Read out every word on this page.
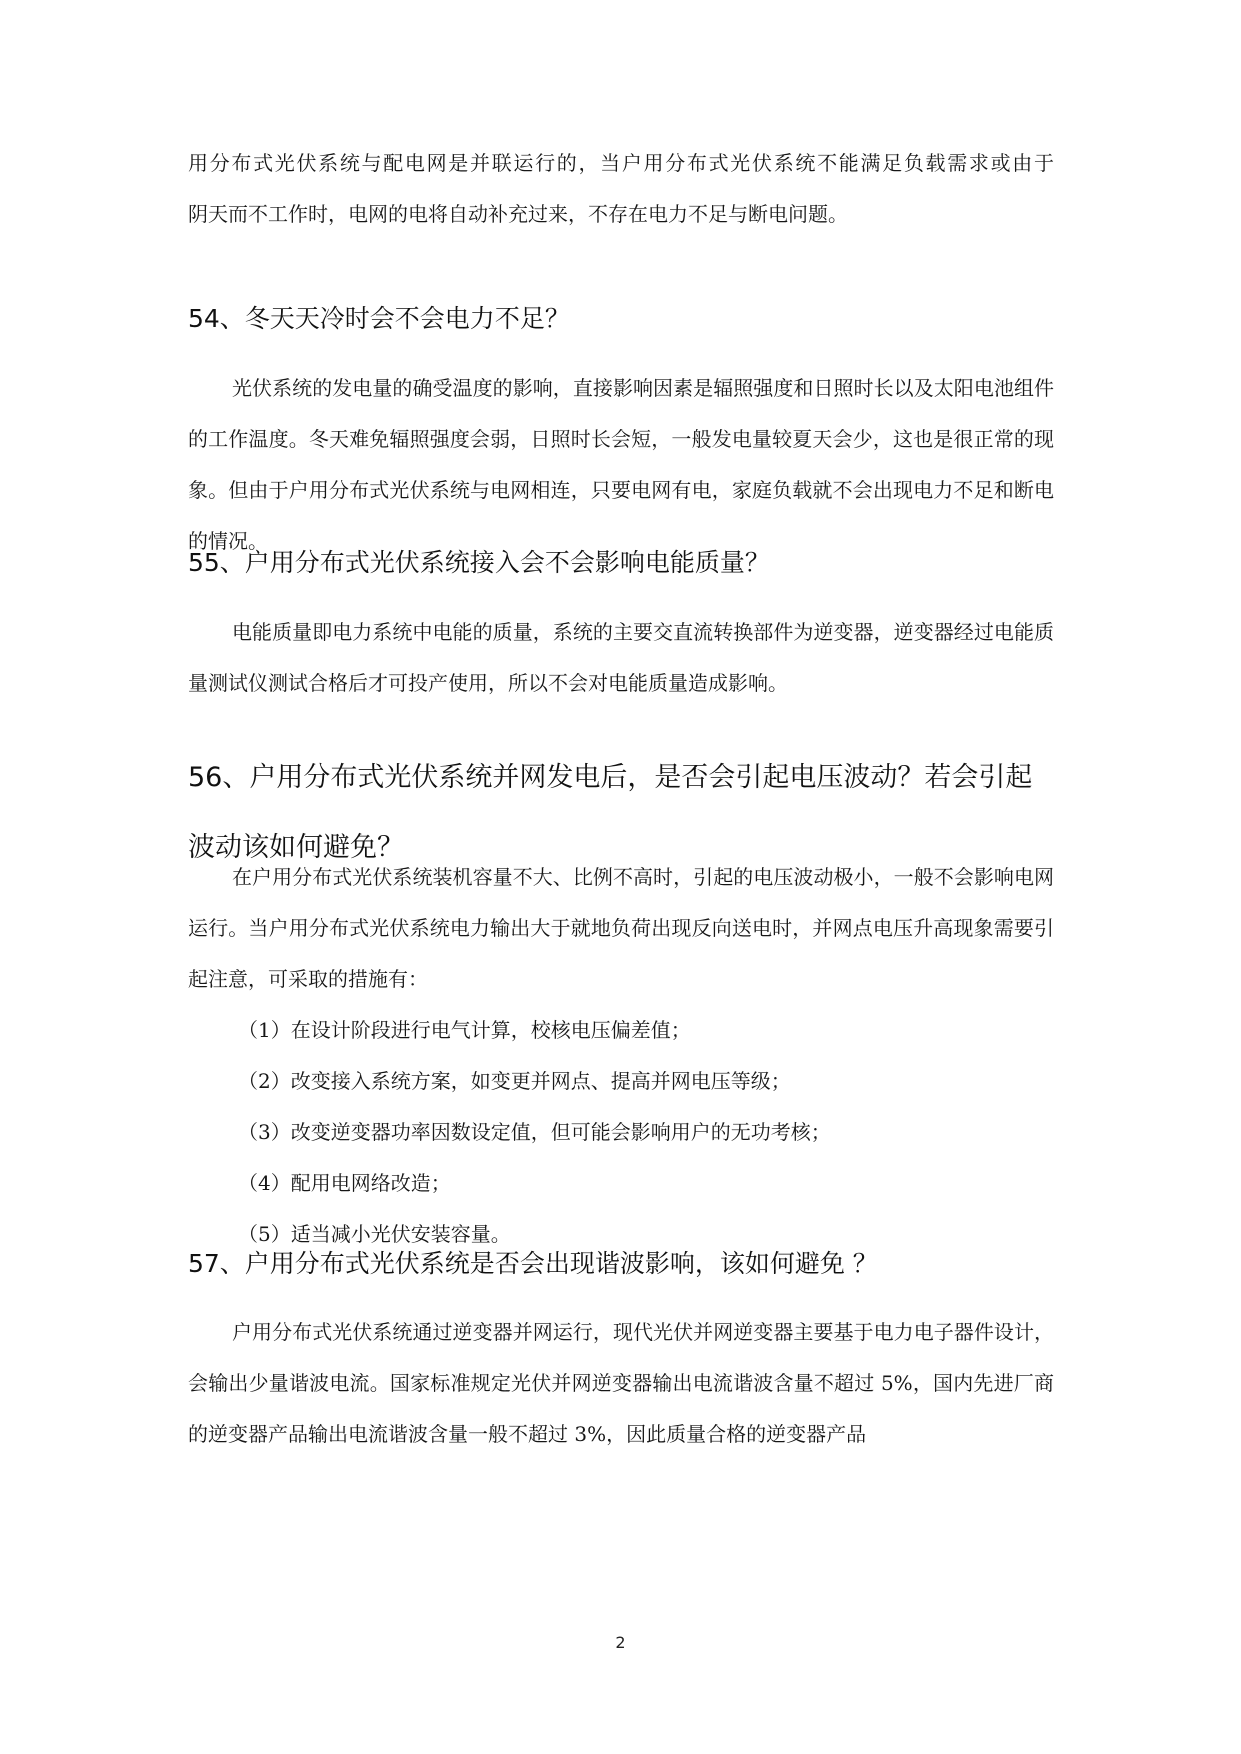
用分布式光伏系统与配电网是并联运行的，当户用分布式光伏系统不能满足负载需求或由于

阴天而不工作时，电网的电将自动补充过来，不存在电力不足与断电问题。

54、冬天天冷时会不会电力不足？

光伏系统的发电量的确受温度的影响，直接影响因素是辐照强度和日照时长以及太阳电池组件的工作温度。冬天难免辐照强度会弱，日照时长会短，一般发电量较夏天会少，这也是很正常的现象。但由于户用分布式光伏系统与电网相连，只要电网有电，家庭负载就不会出现电力不足和断电的情况。

55、户用分布式光伏系统接入会不会影响电能质量？

电能质量即电力系统中电能的质量，系统的主要交直流转换部件为逆变器，逆变器经过电能质量测试仪测试合格后才可投产使用，所以不会对电能质量造成影响。

56、户用分布式光伏系统并网发电后，是否会引起电压波动？若会引起波动该如何避免？

在户用分布式光伏系统装机容量不大、比例不高时，引起的电压波动极小，一般不会影响电网运行。当户用分布式光伏系统电力输出大于就地负荷出现反向送电时，并网点电压升高现象需要引起注意，可采取的措施有：

（1）在设计阶段进行电气计算，校核电压偏差值；

（2）改变接入系统方案，如变更并网点、提高并网电压等级；

（3）改变逆变器功率因数设定值，但可能会影响用户的无功考核；

（4）配用电网络改造；

（5）适当减小光伏安装容量。

57、户用分布式光伏系统是否会出现谐波影响，该如何避免 ？

户用分布式光伏系统通过逆变器并网运行，现代光伏并网逆变器主要基于电力电子器件设计，会输出少量谐波电流。国家标准规定光伏并网逆变器输出电流谐波含量不超过 5%，国内先进厂商的逆变器产品输出电流谐波含量一般不超过 3%，因此质量合格的逆变器产品

2
